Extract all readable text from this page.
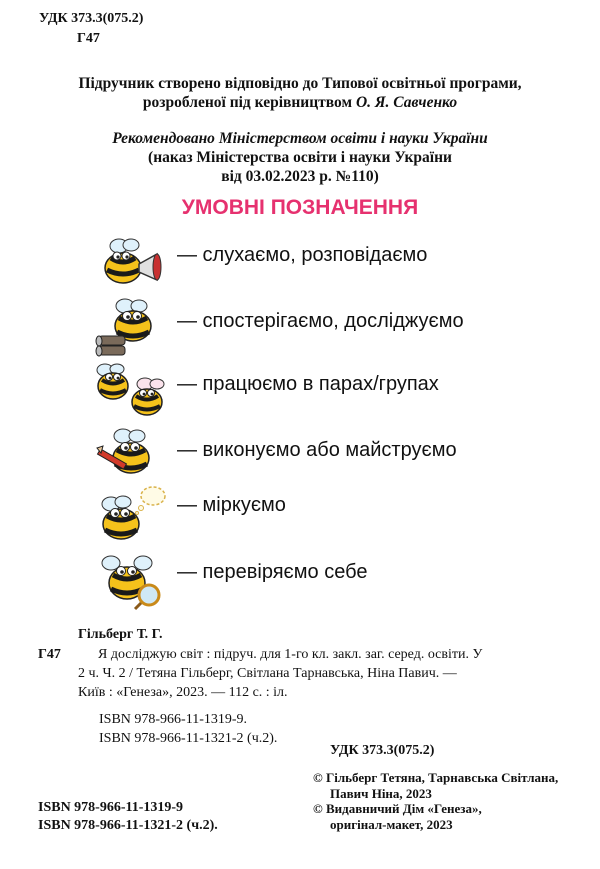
УДК 373.3(075.2)
Г47
Підручник створено відповідно до Типової освітньої програми,
розробленої під керівництвом О. Я. Савченко
Рекомендовано Міністерством освіти і науки України
(наказ Міністерства освіти і науки України
від 03.02.2023 р. №110)
УМОВНІ ПОЗНАЧЕННЯ
— слухаємо, розповідаємо
— спостерігаємо, досліджуємо
— працюємо в парах/групах
— виконуємо або майструємо
— міркуємо
— перевіряємо себе
Гільберг Т. Г.
Г47	Я досліджую світ : підруч. для 1-го кл. закл. заг. серед. освіти. У 2 ч. Ч. 2 / Тетяна Гільберг, Світлана Тарнавська, Ніна Павич. — Київ : «Генеза», 2023. — 112 с. : іл.
ISBN 978-966-11-1319-9.
ISBN 978-966-11-1321-2 (ч.2).
УДК 373.3(075.2)
© Гільберг Тетяна, Тарнавська Світлана,
Павич Ніна, 2023
© Видавничий Дім «Генеза»,
оригінал-макет, 2023
ISBN 978-966-11-1319-9
ISBN 978-966-11-1321-2 (ч.2).
